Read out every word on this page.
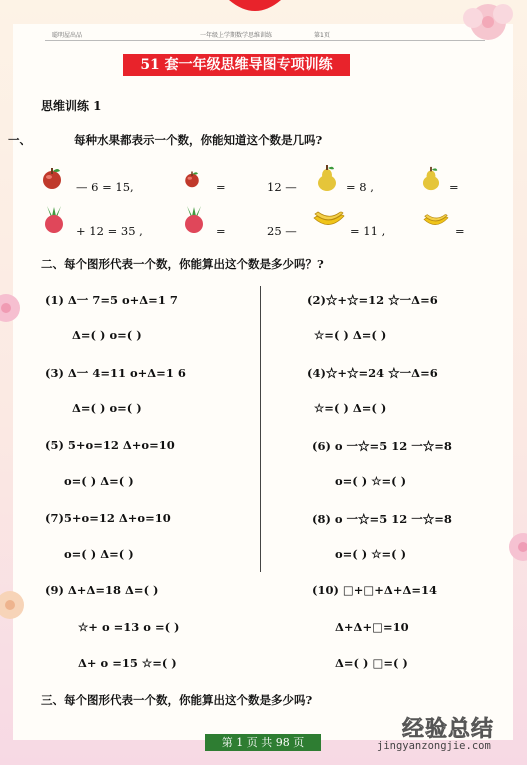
聪明屋出品	一年级上学期数学思维训练	第1页
51 套一年级思维导图专项训练
思维训练 1
一、	每种水果都表示一个数，你能知道这个数是几吗?
— 6 = 15,	=	12 —	= 8 ,	=
+ 12 = 35 ,	=	25 —	= 11 ,	=
二、每个图形代表一个数，你能算出这个数是多少吗？?
(1) Δ一 7=5 o+Δ=1 7
Δ=( ) o=( )
(3) Δ一 4=11 o+Δ=1 6
Δ=( ) o=( )
(5) 5+o=12 Δ+o=10
o=( ) Δ=( )
(7)5+o=12 Δ+o=10
o=( ) Δ=( )
(2)☆+☆=12 ☆一Δ=6
☆=( ) Δ=( )
(4)☆+☆=24 ☆一Δ=6
☆=( ) Δ=( )
(6) o 一☆=5 12 一☆=8
o=( ) ☆=( )
(8) o 一☆=5 12 一☆=8
o=( ) ☆=( )
(9) Δ+Δ=18 Δ=( )
☆+ o =13 o =( )
Δ+ o =15 ☆=( )
(10) □+□+Δ+Δ=14
Δ+Δ+□=10
Δ=( ) □=( )
三、每个图形代表一个数，你能算出这个数是多少吗?
第 1 页 共 98 页
经验总结
jingyanzongjie.com
